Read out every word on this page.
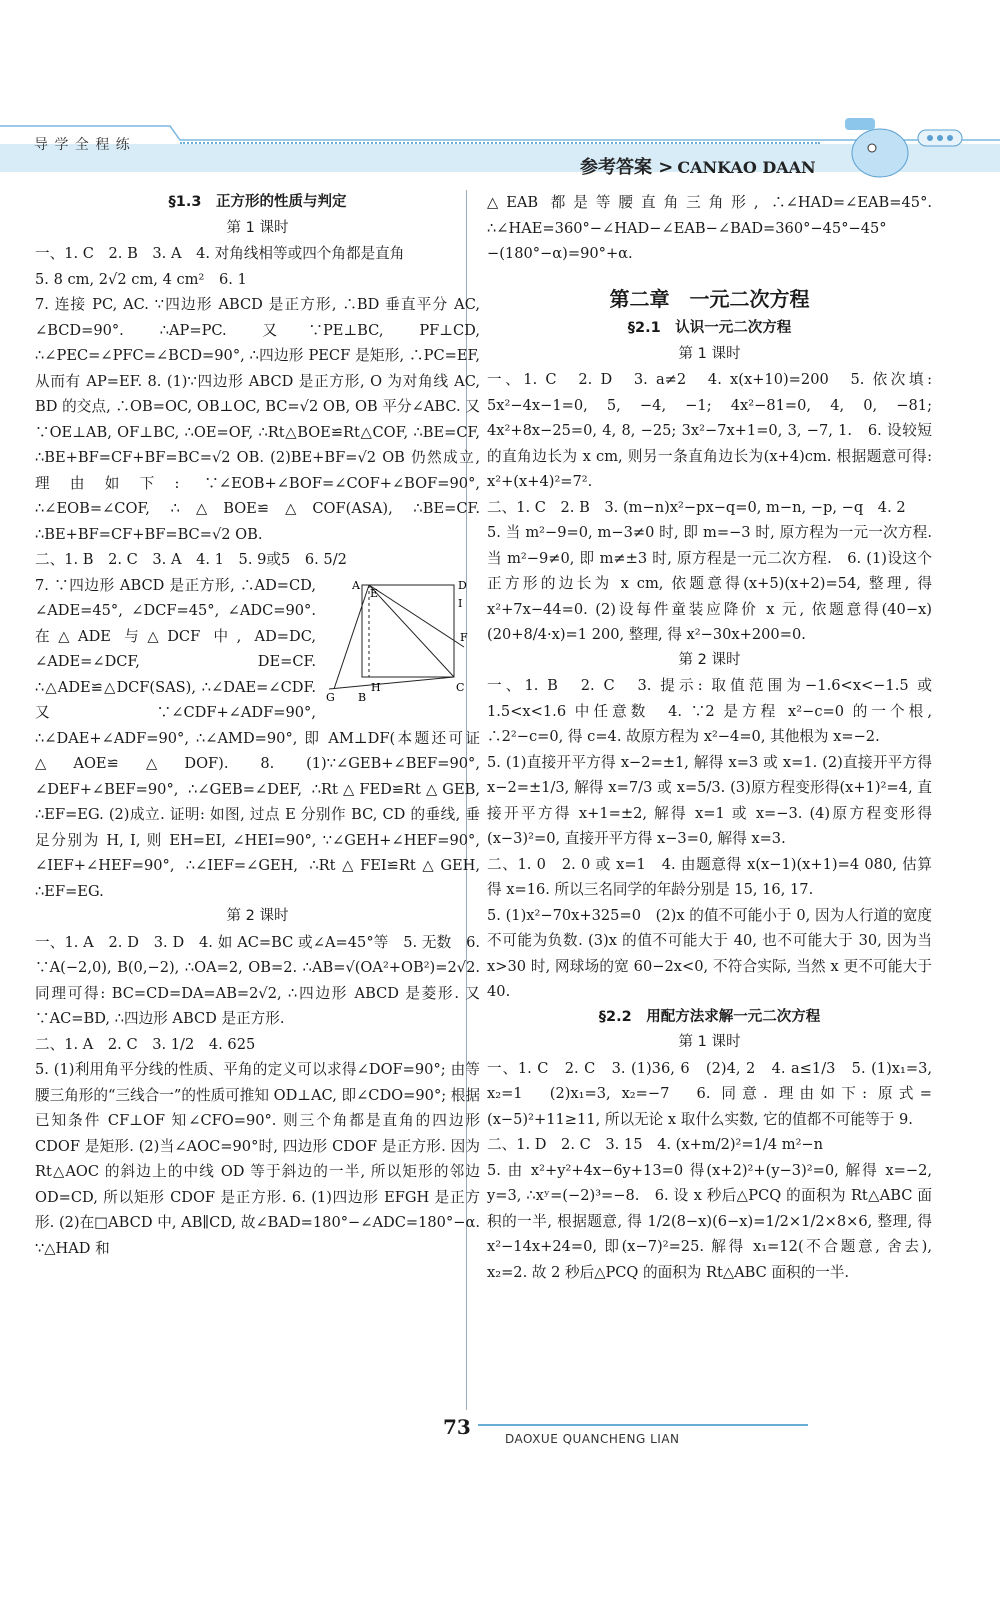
导 学 全 程 练
参考答案 > CANKAO DAAN
§1.3　正方形的性质与判定
第 1 课时

一、1. C　2. B　3. A　4. 对角线相等或四个角都是直角

5. 8 cm, 2√2 cm, 4 cm²　6. 1

7. 连接 PC, AC. ∵四边形 ABCD 是正方形, ∴BD 垂直平分 AC, ∠BCD=90°. ∴AP=PC. 又∵PE⊥BC, PF⊥CD, ∴∠PEC=∠PFC=∠BCD=90°, ∴四边形 PECF 是矩形, ∴PC=EF, 从而有 AP=EF. 8. (1)∵四边形 ABCD 是正方形, O 为对角线 AC, BD 的交点, ∴OB=OC, OB⊥OC, BC=√2 OB, OB 平分∠ABC. 又∵OE⊥AB, OF⊥BC, ∴OE=OF, ∴Rt△BOE≌Rt△COF, ∴BE=CF, ∴BE+BF=CF+BF=BC=√2 OB. (2)BE+BF=√2 OB 仍然成立, 理由如下: ∵∠EOB+∠BOF=∠COF+∠BOF=90°, ∴∠EOB=∠COF, ∴△BOE≌△COF(ASA), ∴BE=CF. ∴BE+BF=CF+BF=BC=√2 OB.

二、1. B　2. C　3. A　4. 1　5. 9或5　6. 5/2

A
E
D
I
F
G B
H	C

7. ∵四边形 ABCD 是正方形, ∴AD=CD, ∠ADE=45°, ∠DCF=45°, ∠ADC=90°. 在△ADE 与△DCF 中, AD=DC, ∠ADE=∠DCF, DE=CF. ∴△ADE≌△DCF(SAS), ∴∠DAE=∠CDF. 又∵∠CDF+∠ADF=90°, ∴∠DAE+∠ADF=90°, ∴∠AMD=90°, 即 AM⊥DF(本题还可证△AOE≌△DOF). 8. (1)∵∠GEB+∠BEF=90°, ∠DEF+∠BEF=90°, ∴∠GEB=∠DEF, ∴Rt△FED≌Rt△GEB, ∴EF=EG. (2)成立. 证明: 如图, 过点 E 分别作 BC, CD 的垂线, 垂足分别为 H, I, 则 EH=EI, ∠HEI=90°, ∵∠GEH+∠HEF=90°, ∠IEF+∠HEF=90°, ∴∠IEF=∠GEH, ∴Rt△FEI≌Rt△GEH, ∴EF=EG.

第 2 课时

一、1. A　2. D　3. D　4. 如 AC=BC 或∠A=45°等　5. 无数　6. ∵A(−2,0), B(0,−2), ∴OA=2, OB=2. ∴AB=√(OA²+OB²)=2√2. 同理可得: BC=CD=DA=AB=2√2, ∴四边形 ABCD 是菱形. 又∵AC=BD, ∴四边形 ABCD 是正方形.

二、1. A　2. C　3. 1/2　4. 625

5. (1)利用角平分线的性质、平角的定义可以求得∠DOF=90°; 由等腰三角形的“三线合一”的性质可推知 OD⊥AC, 即∠CDO=90°; 根据已知条件 CF⊥OF 知∠CFO=90°. 则三个角都是直角的四边形 CDOF 是矩形. (2)当∠AOC=90°时, 四边形 CDOF 是正方形. 因为 Rt△AOC 的斜边上的中线 OD 等于斜边的一半, 所以矩形的邻边 OD=CD, 所以矩形 CDOF 是正方形. 6. (1)四边形 EFGH 是正方形. (2)在□ABCD 中, AB∥CD, 故∠BAD=180°−∠ADC=180°−α. ∵△HAD 和

△EAB 都是等腰直角三角形, ∴∠HAD=∠EAB=45°. ∴∠HAE=360°−∠HAD−∠EAB−∠BAD=360°−45°−45°−(180°−α)=90°+α.

第二章　一元二次方程
§2.1　认识一元二次方程
第 1 课时

一、1. C　2. D　3. a≠2　4. x(x+10)=200　5. 依次填: 5x²−4x−1=0, 5, −4, −1; 4x²−81=0, 4, 0, −81; 4x²+8x−25=0, 4, 8, −25; 3x²−7x+1=0, 3, −7, 1.　6. 设较短的直角边长为 x cm, 则另一条直角边长为(x+4)cm. 根据题意可得: x²+(x+4)²=7².

二、1. C　2. B　3. (m−n)x²−px−q=0, m−n, −p, −q　4. 2

5. 当 m²−9=0, m−3≠0 时, 即 m=−3 时, 原方程为一元一次方程. 当 m²−9≠0, 即 m≠±3 时, 原方程是一元二次方程.　6. (1)设这个正方形的边长为 x cm, 依题意得(x+5)(x+2)=54, 整理, 得 x²+7x−44=0. (2)设每件童装应降价 x 元, 依题意得(40−x)(20+8/4·x)=1 200, 整理, 得 x²−30x+200=0.

第 2 课时

一、1. B　2. C　3. 提示: 取值范围为−1.6<x<−1.5 或 1.5<x<1.6 中任意数　4. ∵2 是方程 x²−c=0 的一个根, ∴2²−c=0, 得 c=4. 故原方程为 x²−4=0, 其他根为 x=−2.

5. (1)直接开平方得 x−2=±1, 解得 x=3 或 x=1. (2)直接开平方得 x−2=±1/3, 解得 x=7/3 或 x=5/3. (3)原方程变形得(x+1)²=4, 直接开平方得 x+1=±2, 解得 x=1 或 x=−3. (4)原方程变形得(x−3)²=0, 直接开平方得 x−3=0, 解得 x=3.

二、1. 0　2. 0 或 x=1　4. 由题意得 x(x−1)(x+1)=4 080, 估算得 x=16. 所以三名同学的年龄分别是 15, 16, 17.

5. (1)x²−70x+325=0　(2)x 的值不可能小于 0, 因为人行道的宽度不可能为负数. (3)x 的值不可能大于 40, 也不可能大于 30, 因为当 x>30 时, 网球场的宽 60−2x<0, 不符合实际, 当然 x 更不可能大于 40.

§2.2　用配方法求解一元二次方程
第 1 课时

一、1. C　2. C　3. (1)36, 6　(2)4, 2　4. a≤1/3　5. (1)x₁=3, x₂=1　(2)x₁=3, x₂=−7　6. 同意. 理由如下: 原式=(x−5)²+11≥11, 所以无论 x 取什么实数, 它的值都不可能等于 9.

二、1. D　2. C　3. 15　4. (x+m/2)²=1/4 m²−n

5. 由 x²+y²+4x−6y+13=0 得(x+2)²+(y−3)²=0, 解得 x=−2, y=3, ∴xʸ=(−2)³=−8.　6. 设 x 秒后△PCQ 的面积为 Rt△ABC 面积的一半, 根据题意, 得 1/2(8−x)(6−x)=1/2×1/2×8×6, 整理, 得 x²−14x+24=0, 即(x−7)²=25. 解得 x₁=12(不合题意, 舍去), x₂=2. 故 2 秒后△PCQ 的面积为 Rt△ABC 面积的一半.

73	DAOXUE QUANCHENG LIAN
